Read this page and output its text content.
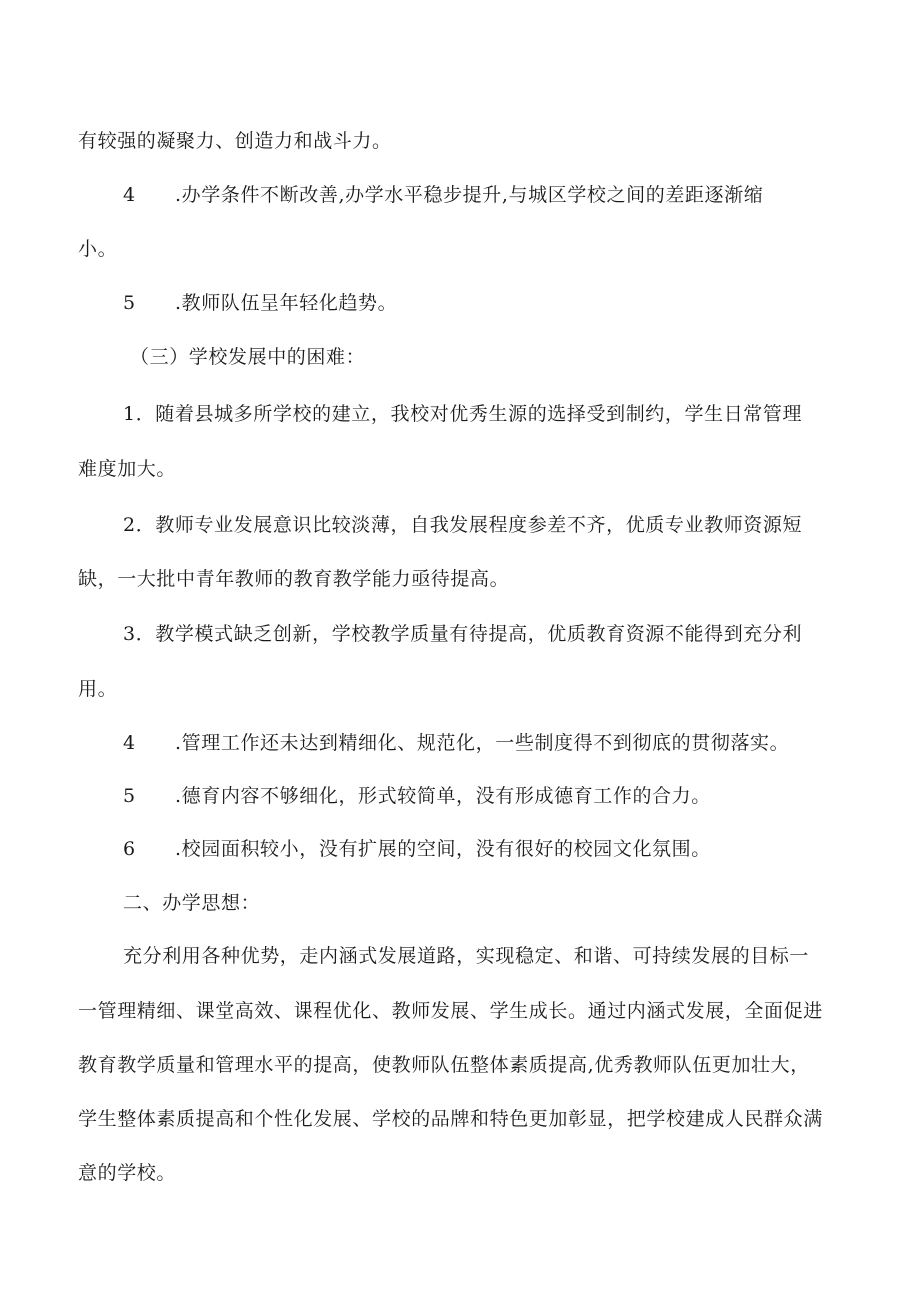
有较强的凝聚力、创造力和战斗力。
4 .办学条件不断改善,办学水平稳步提升,与城区学校之间的差距逐渐缩
小。
5 .教师队伍呈年轻化趋势。
（三）学校发展中的困难：
1．随着县城多所学校的建立，我校对优秀生源的选择受到制约，学生日常管理
难度加大。
2．教师专业发展意识比较淡薄，自我发展程度参差不齐，优质专业教师资源短
缺，一大批中青年教师的教育教学能力亟待提高。
3．教学模式缺乏创新，学校教学质量有待提高，优质教育资源不能得到充分利
用。
4 .管理工作还未达到精细化、规范化，一些制度得不到彻底的贯彻落实。
5 .德育内容不够细化，形式较简单，没有形成德育工作的合力。
6 .校园面积较小，没有扩展的空间，没有很好的校园文化氛围。
二、办学思想：
充分利用各种优势，走内涵式发展道路，实现稳定、和谐、可持续发展的目标一
一管理精细、课堂高效、课程优化、教师发展、学生成长。通过内涵式发展，全面促进
教育教学质量和管理水平的提高，使教师队伍整体素质提高,优秀教师队伍更加壮大，
学生整体素质提高和个性化发展、学校的品牌和特色更加彰显，把学校建成人民群众满
意的学校。
